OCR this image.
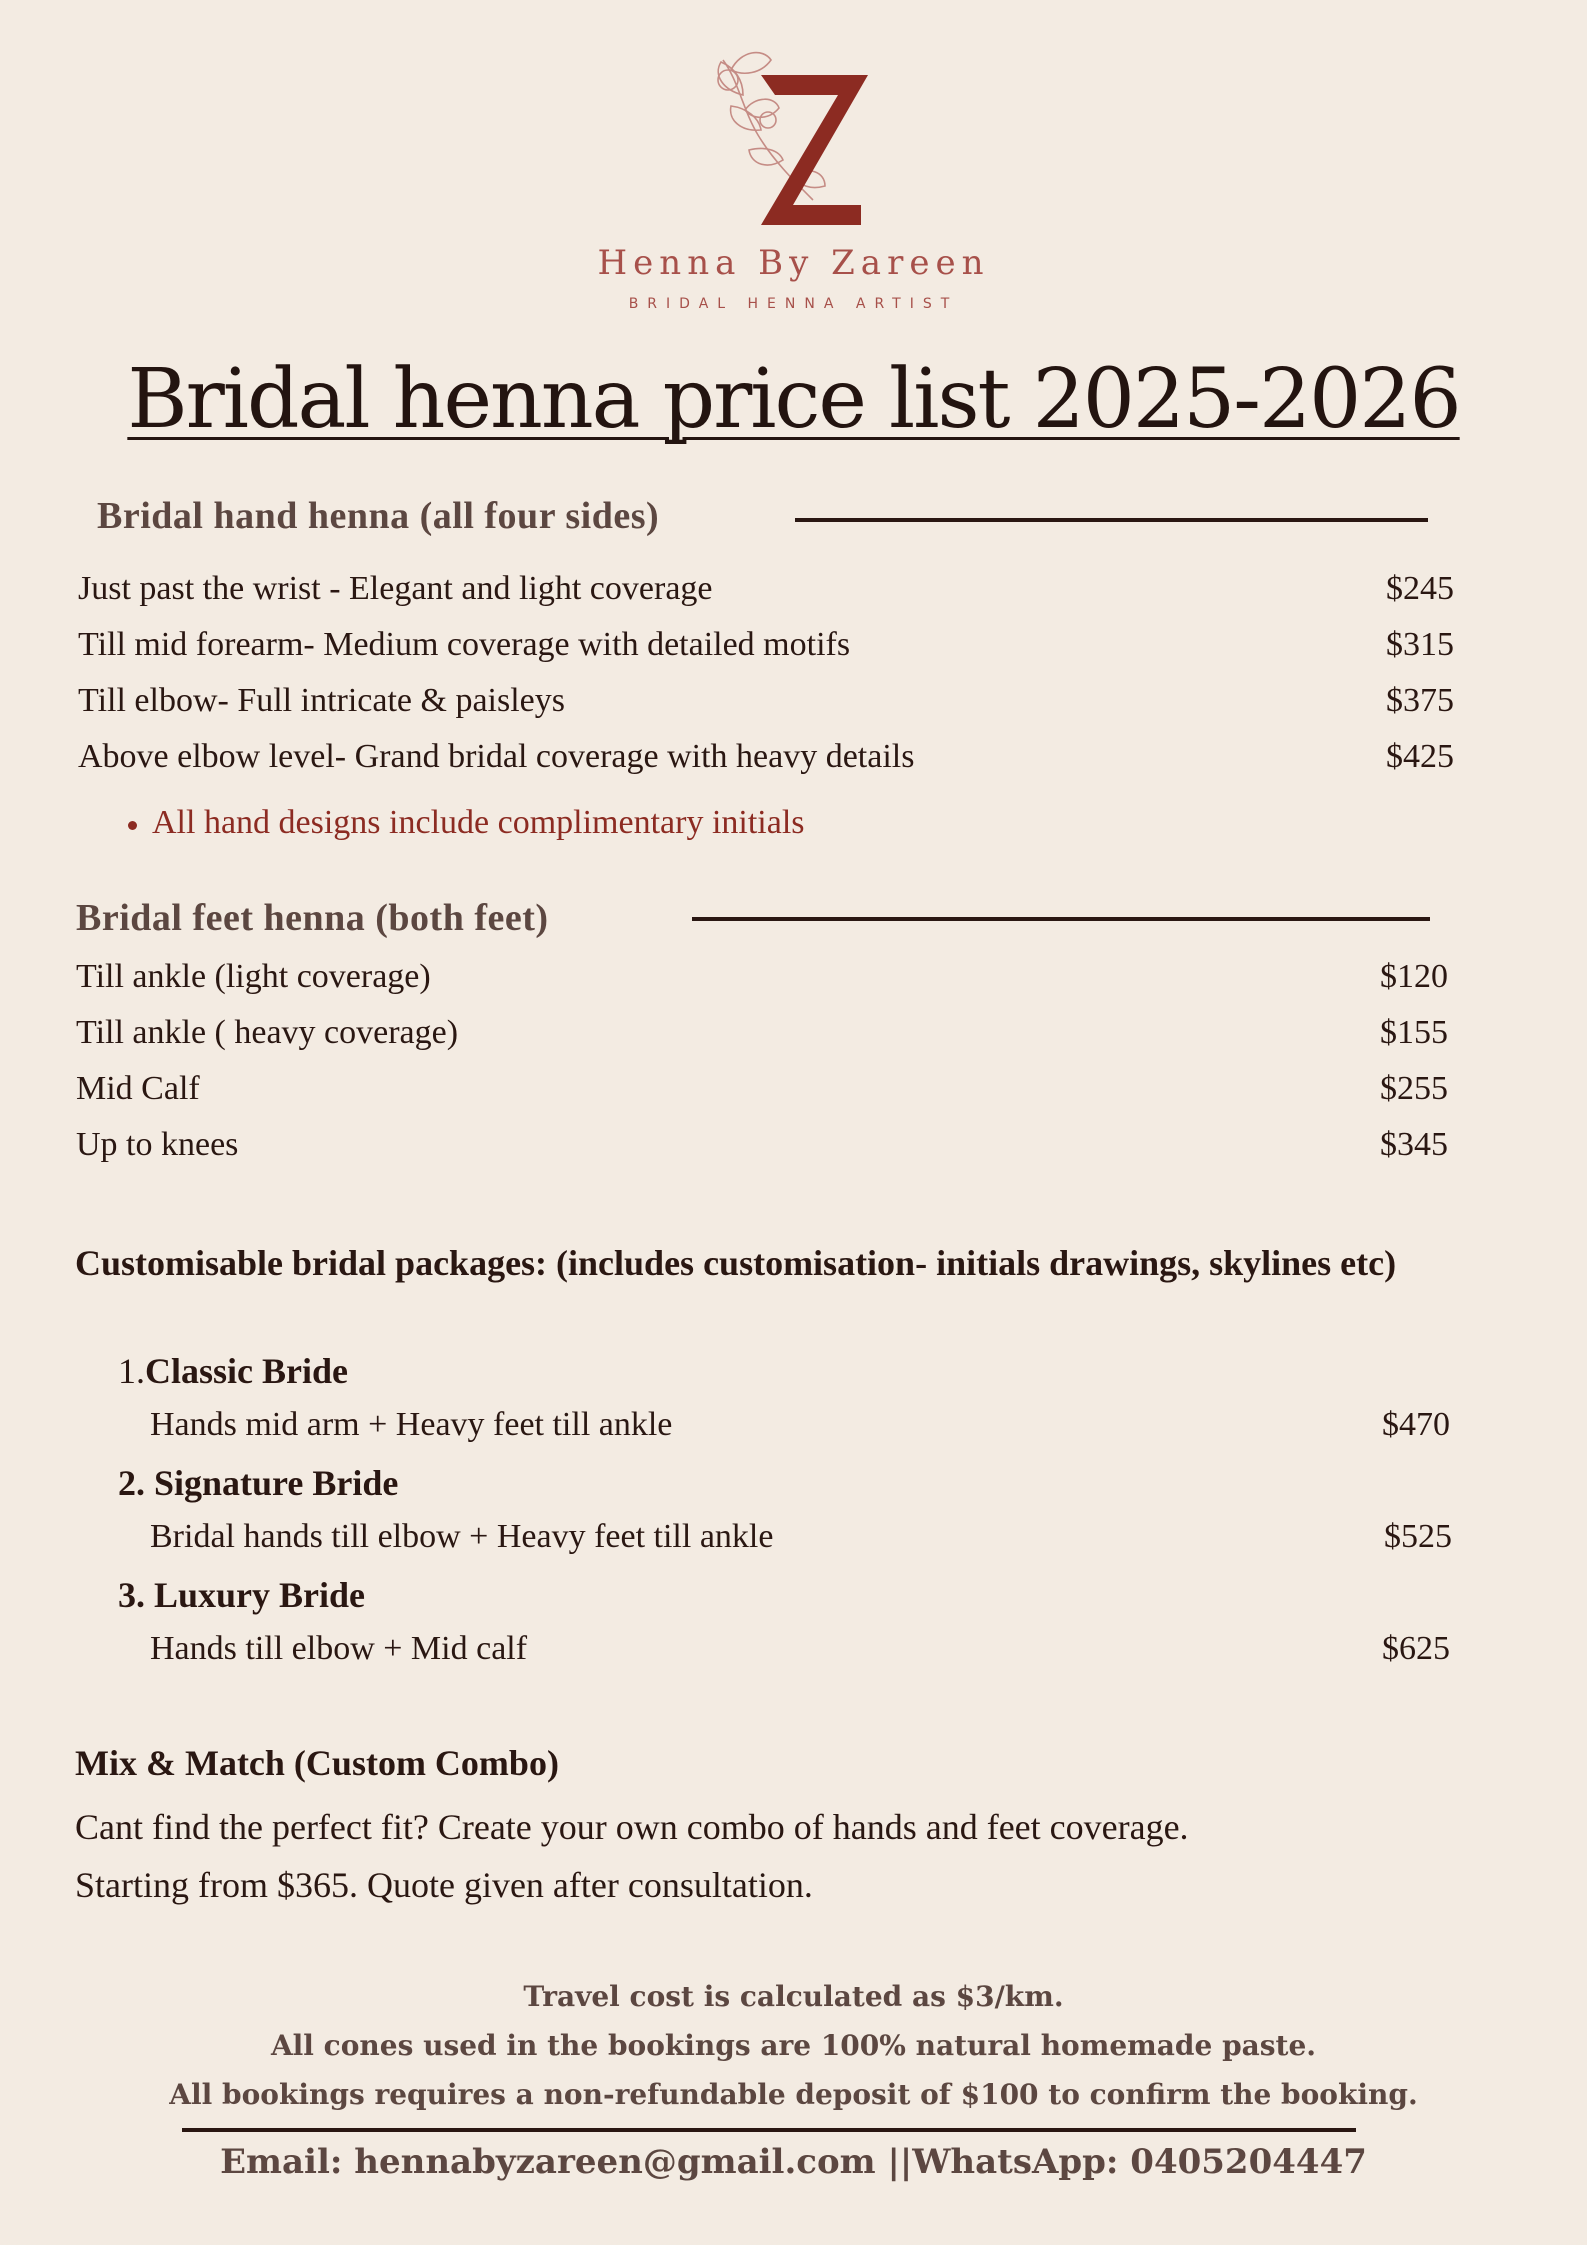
Henna By Zareen
BRIDAL HENNA ARTIST
Bridal henna price list 2025-2026
Bridal hand henna (all four sides)
Just past the wrist - Elegant and light coverage	$245
Till mid forearm- Medium coverage with detailed motifs	$315
Till elbow- Full intricate & paisleys	$375
Above elbow level- Grand bridal coverage with heavy details	$425
All hand designs include complimentary initials
Bridal feet henna (both feet)
Till ankle (light coverage)	$120
Till ankle ( heavy coverage)	$155
Mid Calf	$255
Up to knees	$345
Customisable bridal packages: (includes customisation- initials drawings, skylines etc)
1.Classic Bride
Hands mid arm + Heavy feet till ankle	$470
2. Signature Bride
Bridal hands till elbow + Heavy feet till ankle	$525
3. Luxury Bride
Hands till elbow + Mid calf	$625
Mix & Match (Custom Combo)
Cant find the perfect fit? Create your own combo of hands and feet coverage.
Starting from $365. Quote given after consultation.
Travel cost is calculated as $3/km.
All cones used in the bookings are 100% natural homemade paste.
All bookings requires a non-refundable deposit of $100 to confirm the booking.
Email: hennabyzareen@gmail.com ||WhatsApp: 0405204447
